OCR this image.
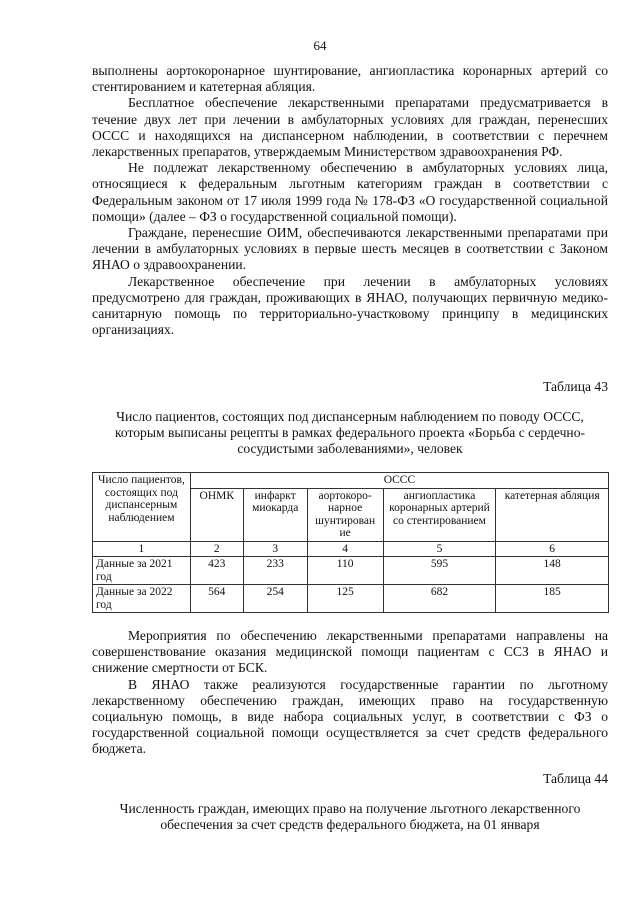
64

выполнены аортокоронарное шунтирование, ангиопластика коронарных артерий со стентированием и катетерная абляция.

Бесплатное обеспечение лекарственными препаратами предусматривается в течение двух лет при лечении в амбулаторных условиях для граждан, перенесших ОССС и находящихся на диспансерном наблюдении, в соответствии с перечнем лекарственных препаратов, утверждаемым Министерством здравоохранения РФ.

Не подлежат лекарственному обеспечению в амбулаторных условиях лица, относящиеся к федеральным льготным категориям граждан в соответствии с Федеральным законом от 17 июля 1999 года № 178-ФЗ «О государственной социальной помощи» (далее – ФЗ о государственной социальной помощи).

Граждане, перенесшие ОИМ, обеспечиваются лекарственными препаратами при лечении в амбулаторных условиях в первые шесть месяцев в соответствии с Законом ЯНАО о здравоохранении.

Лекарственное обеспечение при лечении в амбулаторных условиях предусмотрено для граждан, проживающих в ЯНАО, получающих первичную медико-санитарную помощь по территориально-участковому принципу в медицинских организациях.

Таблица 43
Число пациентов, состоящих под диспансерным наблюдением по поводу ОССС, которым выписаны рецепты в рамках федерального проекта «Борьба с сердечно-сосудистыми заболеваниями», человек
Число пациентов, состоящих под диспансерным наблюдением	ОССС				
	ОНМК	инфаркт миокарда	аортокоро-нарное шунтирован ие	ангиопластика коронарных артерий со стентированием	катетерная абляция
1	2	3	4	5	6
Данные за 2021 год	423	233	110	595	148
Данные за 2022 год	564	254	125	682	185

Мероприятия по обеспечению лекарственными препаратами направлены на совершенствование оказания медицинской помощи пациентам с ССЗ в ЯНАО и снижение смертности от БСК.

В ЯНАО также реализуются государственные гарантии по льготному лекарственному обеспечению граждан, имеющих право на государственную социальную помощь, в виде набора социальных услуг, в соответствии с ФЗ о государственной социальной помощи осуществляется за счет средств федерального бюджета.

Таблица 44
Численность граждан, имеющих право на получение льготного лекарственного обеспечения за счет средств федерального бюджета, на 01 января
